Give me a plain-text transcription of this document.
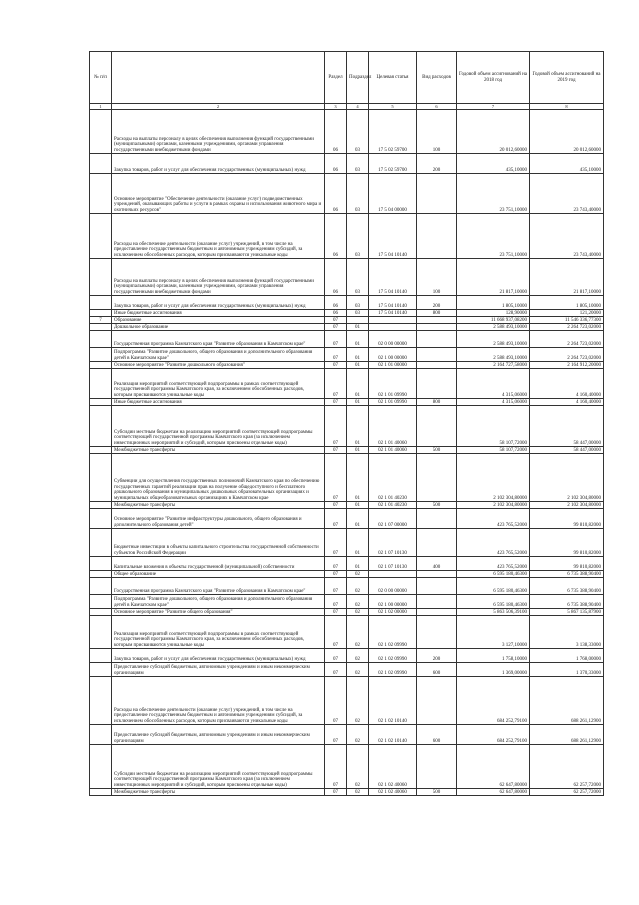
№ п/п		Раздел	Подраздел	Целевая статья	Вид расходов	Годовой объем ассигнований на 2018 год	Годовой объем ассигнований на 2019 год
1	2	3	4	5	6	7	8
	Расходы на выплаты персоналу в целях обеспечения выполнения функций государственными (муниципальными) органами, казенными учреждениями, органами управления государственными внебюджетными фондами	06	03	17 5 02 59700	100	20 012,60000	20 012,60000
	Закупка товаров, работ и услуг для обеспечения государственных (муниципальных) нужд	06	03	17 5 02 59700	200	435,10000	435,10000
	Основное мероприятие "Обеспечение деятельности (оказание услуг) подведомственных учреждений, оказывающих работы и услуги в рамках охраны и использования животного мира и охотничьих ресурсов"	06	03	17 5 04 00000		23 751,10000	23 743,40000
	Расходы на обеспечение деятельности (оказание услуг) учреждений, в том числе на предоставление государственным бюджетным и автономным учреждениям субсидий, за исключением обособленных расходов, которым присваиваются уникальные коды	06	03	17 5 04 10140		23 751,10000	23 743,40000
	Расходы на выплаты персоналу в целях обеспечения выполнения функций государственными (муниципальными) органами, казенными учреждениями, органами управления государственными внебюджетными фондами	06	03	17 5 04 10140	100	21 817,10000	21 817,10000
	Закупка товаров, работ и услуг для обеспечения государственных (муниципальных) нужд	06	03	17 5 04 10140	200	1 805,10000	1 805,10000
	Иные бюджетные ассигнования	06	03	17 5 04 10140	800	128,90000	121,20000
7	Образование	07				11 668 937,08200	11 546 336,77300
	Дошкольное образование	07	01			2 588 493,10000	2 264 723,02000
	Государственная программа Камчатского края "Развитие образования в Камчатском крае"	07	01	02 0 00 00000		2 588 493,10000	2 264 723,02000
	Подпрограмма "Развитие дошкольного, общего образования и дополнительного образования детей в Камчатском крае"	07	01	02 1 00 00000		2 588 493,10000	2 264 723,02000
	Основное мероприятие "Развитие дошкольного образования"	07	01	02 1 01 00000		2 164 727,58000	2 164 912,20000
	Реализация мероприятий соответствующей подпрограммы в рамках соответствующей государственной программы Камчатского края, за исключением обособленных расходов, которым присваиваются уникальные коды	07	01	02 1 01 09990		4 315,06000	4 160,40000
	Иные бюджетные ассигнования	07	01	02 1 01 09990	800	4 315,06000	4 160,40000
	Субсидии местным бюджетам на реализацию мероприятий соответствующей подпрограммы соответствующей государственной программы Камчатского края (за исключением инвестиционных мероприятий и субсидий, которым присвоены отдельные коды)	07	01	02 1 01 40060		58 107,72000	58 447,00000
	Межбюджетные трансферты	07	01	02 1 01 40060	500	58 107,72000	58 447,00000
	Субвенции для осуществления государственных полномочий Камчатского края по обеспечению государственных гарантий реализации прав на получение общедоступного и бесплатного дошкольного образования в муниципальных дошкольных образовательных организациях и муниципальных общеобразовательных организациях в Камчатском крае	07	01	02 1 01 40230		2 102 304,80000	2 102 304,80000
	Межбюджетные трансферты	07	01	02 1 01 40230	500	2 102 304,80000	2 102 304,80000
	Основное мероприятие "Развитие инфраструктуры дошкольного, общего образования и дополнительного образования детей"	07	01	02 1 07 00000		423 765,52000	99 810,82000
	Бюджетные инвестиции в объекты капитального строительства государственной собственности субъектов Российской Федерации	07	01	02 1 07 10130		423 765,52000	99 810,82000
	Капитальные вложения в объекты государственной (муниципальной) собственности	07	01	02 1 07 10130	400	423 765,52000	99 810,82000
	Общее образование	07	02			6 595 180,46300	6 735 388,90400
	Государственная программа Камчатского края "Развитие образования в Камчатском крае"	07	02	02 0 00 00000		6 595 180,46300	6 735 388,90400
	Подпрограмма "Развитие дошкольного, общего образования и дополнительного образования детей в Камчатском крае"	07	02	02 1 00 00000		6 595 180,46300	6 735 388,90400
	Основное мероприятие "Развитие общего образования"	07	02	02 1 02 00000		5 863 506,39100	5 867 135,87900
	Реализация мероприятий соответствующей подпрограммы в рамках соответствующей государственной программы Камчатского края, за исключением обособленных расходов, которым присваиваются уникальные коды	07	02	02 1 02 09990		3 127,10000	3 138,33000
	Закупка товаров, работ и услуг для обеспечения государственных (муниципальных) нужд	07	02	02 1 02 09990	200	1 758,10000	1 768,00000
	Предоставление субсидий бюджетным, автономным учреждениям и иным некоммерческим организациям	07	02	02 1 02 09990	600	1 369,00000	1 370,33000
	Расходы на обеспечение деятельности (оказание услуг) учреждений, в том числе на предоставление государственным бюджетным и автономным учреждениям субсидий, за исключением обособленных расходов, которым присваиваются уникальные коды	07	02	02 1 02 10140		684 252,79100	688 261,12900
	Предоставление субсидий бюджетным, автономным учреждениям и иным некоммерческим организациям	07	02	02 1 02 10140	600	684 252,79100	688 261,12900
	Субсидии местным бюджетам на реализацию мероприятий соответствующей подпрограммы соответствующей государственной программы Камчатского края (за исключением инвестиционных мероприятий и субсидий, которым присвоены отдельные коды)	07	02	02 1 02 40060		62 647,80000	62 257,72000
	Межбюджетные трансферты	07	02	02 1 02 40060	500	62 647,80000	62 257,72000
